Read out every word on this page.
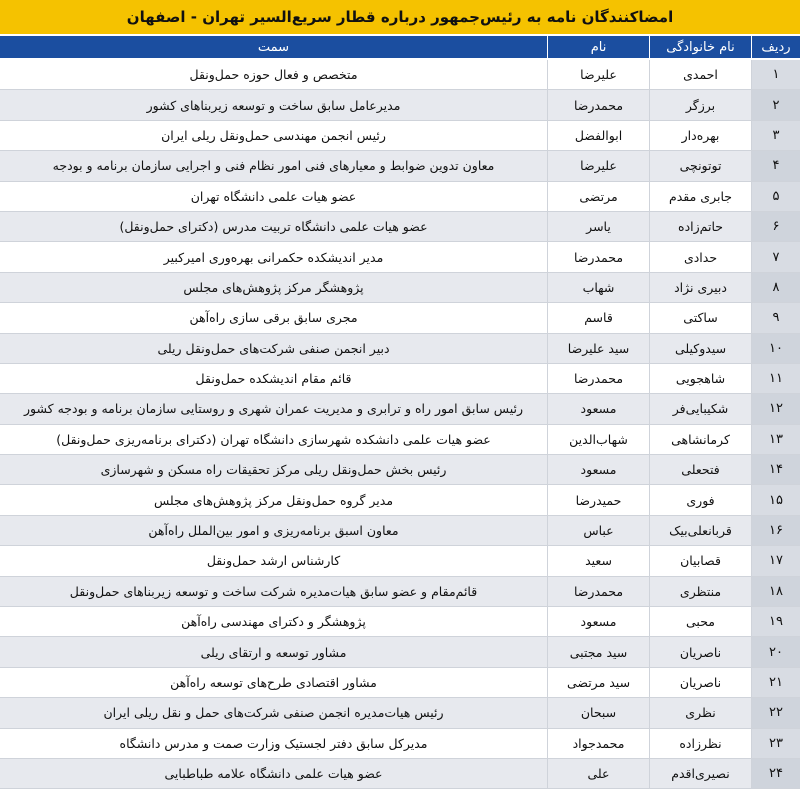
امضاکنندگان نامه به رئیس‌جمهور درباره قطار سریع‌السیر تهران - اصفهان
سمت	نام	نام خانوادگی	ردیف
متخصص و فعال حوزه حمل‌ونقل	علیرضا	احمدی	۱
مدیرعامل سابق ساخت و توسعه زیربناهای کشور	محمدرضا	برزگر	۲
رئیس انجمن مهندسی حمل‌ونقل ریلی ایران	ابوالفضل	بهره‌دار	۳
معاون تدوین ضوابط و معیارهای فنی امور نظام فنی و اجرایی سازمان برنامه و بودجه	علیرضا	توتونچی	۴
عضو هیات علمی دانشگاه تهران	مرتضی	جابری مقدم	۵
عضو هیات علمی دانشگاه تربیت مدرس (دکترای حمل‌ونقل)	یاسر	حاتم‌زاده	۶
مدیر اندیشکده حکمرانی بهره‌وری امیرکبیر	محمدرضا	حدادی	۷
پژوهشگر مرکز پژوهش‌های مجلس	شهاب	دبیری نژاد	۸
مجری سابق برقی سازی راه‌آهن	قاسم	ساکتی	۹
دبیر انجمن صنفی شرکت‌های حمل‌ونقل ریلی	سید علیرضا	سیدوکیلی	۱۰
قائم مقام اندیشکده حمل‌ونقل	محمدرضا	شاهجویی	۱۱
رئیس سابق امور راه و ترابری و مدیریت عمران شهری و روستایی سازمان برنامه و بودجه کشور	مسعود	شکیبایی‌فر	۱۲
عضو هیات علمی دانشکده شهرسازی دانشگاه تهران (دکترای برنامه‌ریزی حمل‌ونقل)	شهاب‌الدین	کرمانشاهی	۱۳
رئیس بخش حمل‌ونقل ریلی مرکز تحقیقات راه مسکن و شهرسازی	مسعود	فتحعلی	۱۴
مدیر گروه حمل‌ونقل مرکز پژوهش‌های مجلس	حمیدرضا	فوری	۱۵
معاون اسبق برنامه‌ریزی و امور بین‌الملل راه‌آهن	عباس	قربانعلی‌بیک	۱۶
کارشناس ارشد حمل‌ونقل	سعید	قصابیان	۱۷
قائم‌مقام و عضو سابق هیات‌مدیره شرکت ساخت و توسعه زیربناهای حمل‌ونقل	محمدرضا	منتظری	۱۸
پژوهشگر و دکترای مهندسی راه‌آهن	مسعود	محبی	۱۹
مشاور توسعه و ارتقای ریلی	سید مجتبی	ناصریان	۲۰
مشاور اقتصادی طرح‌های توسعه راه‌آهن	سید مرتضی	ناصریان	۲۱
رئیس هیات‌مدیره انجمن صنفی شرکت‌های حمل و نقل ریلی ایران	سبحان	نظری	۲۲
مدیرکل سابق دفتر لجستیک وزارت صمت و مدرس دانشگاه	محمدجواد	نظرزاده	۲۳
عضو هیات علمی دانشگاه علامه طباطبایی	علی	نصیری‌اقدم	۲۴
